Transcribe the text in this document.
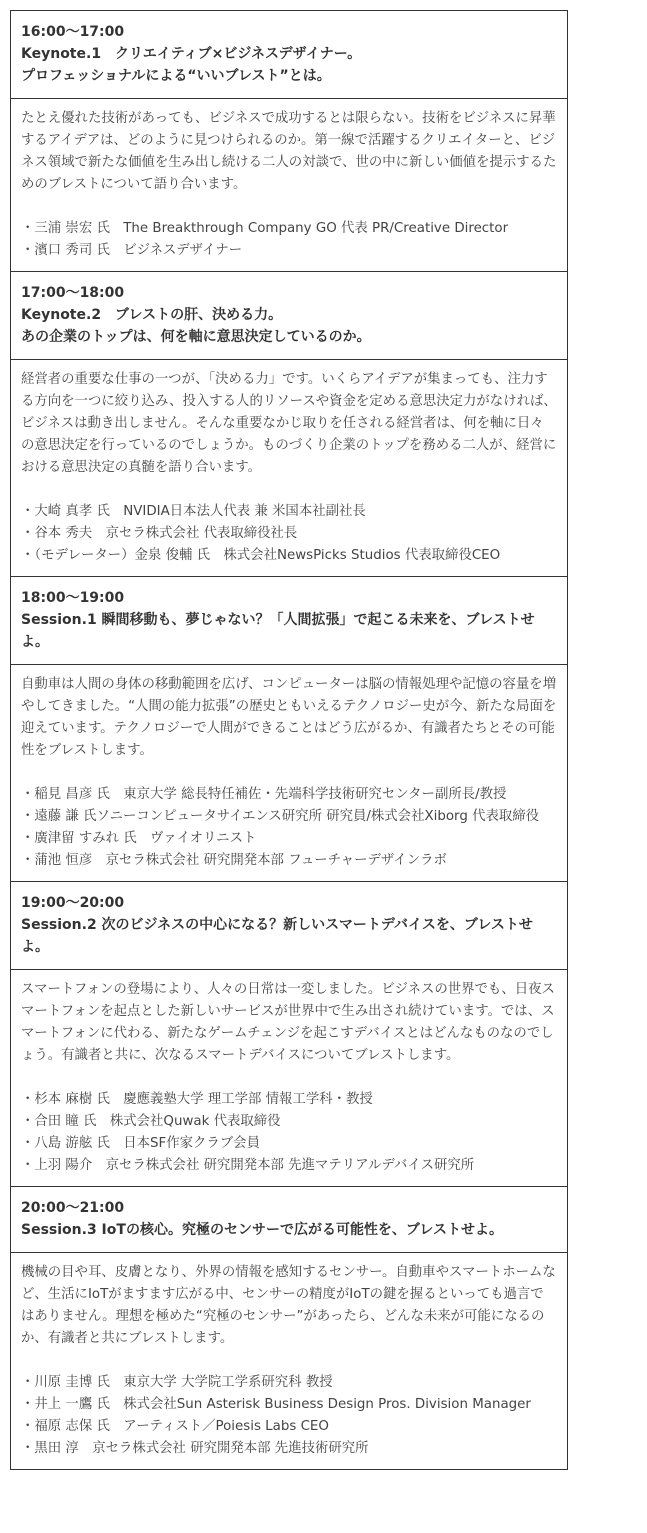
16:00〜17:00
Keynote.1　クリエイティブ×ビジネスデザイナー。
プロフェッショナルによる“いいブレスト”とは。
たとえ優れた技術があっても、ビジネスで成功するとは限らない。技術をビジネスに昇華するアイデアは、どのように見つけられるのか。第一線で活躍するクリエイターと、ビジネス領域で新たな価値を生み出し続ける二人の対談で、世の中に新しい価値を提示するためのブレストについて語り合います。
・三浦 崇宏 氏　The Breakthrough Company GO 代表 PR/Creative Director
・濱口 秀司 氏　ビジネスデザイナー
17:00〜18:00
Keynote.2　ブレストの肝、決める力。
あの企業のトップは、何を軸に意思決定しているのか。
経営者の重要な仕事の一つが、「決める力」です。いくらアイデアが集まっても、注力する方向を一つに絞り込み、投入する人的リソースや資金を定める意思決定力がなければ、ビジネスは動き出しません。そんな重要なかじ取りを任される経営者は、何を軸に日々の意思決定を行っているのでしょうか。ものづくり企業のトップを務める二人が、経営における意思決定の真髄を語り合います。
・大崎 真孝 氏　NVIDIA日本法人代表 兼 米国本社副社長
・谷本 秀夫　京セラ株式会社 代表取締役社長
・（モデレーター）金泉 俊輔 氏　株式会社NewsPicks Studios 代表取締役CEO
18:00〜19:00
Session.1 瞬間移動も、夢じゃない？「人間拡張」で起こる未来を、ブレストせよ。
自動車は人間の身体の移動範囲を広げ、コンピューターは脳の情報処理や記憶の容量を増やしてきました。“人間の能力拡張”の歴史ともいえるテクノロジー史が今、新たな局面を迎えています。テクノロジーで人間ができることはどう広がるか、有識者たちとその可能性をブレストします。
・稲見 昌彦 氏　東京大学 総長特任補佐・先端科学技術研究センター副所長/教授
・遠藤 謙 氏ソニーコンピュータサイエンス研究所 研究員/株式会社Xiborg 代表取締役
・廣津留 すみれ 氏　ヴァイオリニスト
・蒲池 恒彦　京セラ株式会社 研究開発本部 フューチャーデザインラボ
19:00〜20:00
Session.2 次のビジネスの中心になる？新しいスマートデバイスを、ブレストせよ。
スマートフォンの登場により、人々の日常は一変しました。ビジネスの世界でも、日夜スマートフォンを起点とした新しいサービスが世界中で生み出され続けています。では、スマートフォンに代わる、新たなゲームチェンジを起こすデバイスとはどんなものなのでしょう。有識者と共に、次なるスマートデバイスについてブレストします。
・杉本 麻樹 氏　慶應義塾大学 理工学部 情報工学科・教授
・合田 瞳 氏　株式会社Quwak 代表取締役
・八島 游舷 氏　日本SF作家クラブ会員
・上羽 陽介　京セラ株式会社 研究開発本部 先進マテリアルデバイス研究所
20:00〜21:00
Session.3 IoTの核心。究極のセンサーで広がる可能性を、ブレストせよ。
機械の目や耳、皮膚となり、外界の情報を感知するセンサー。自動車やスマートホームなど、生活にIoTがますます広がる中、センサーの精度がIoTの鍵を握るといっても過言ではありません。理想を極めた“究極のセンサー”があったら、どんな未来が可能になるのか、有識者と共にブレストします。
・川原 圭博 氏　東京大学 大学院工学系研究科 教授
・井上 一鷹 氏　株式会社Sun Asterisk Business Design Pros. Division Manager
・福原 志保 氏　アーティスト／Poiesis Labs CEO
・黒田 淳　京セラ株式会社 研究開発本部 先進技術研究所
